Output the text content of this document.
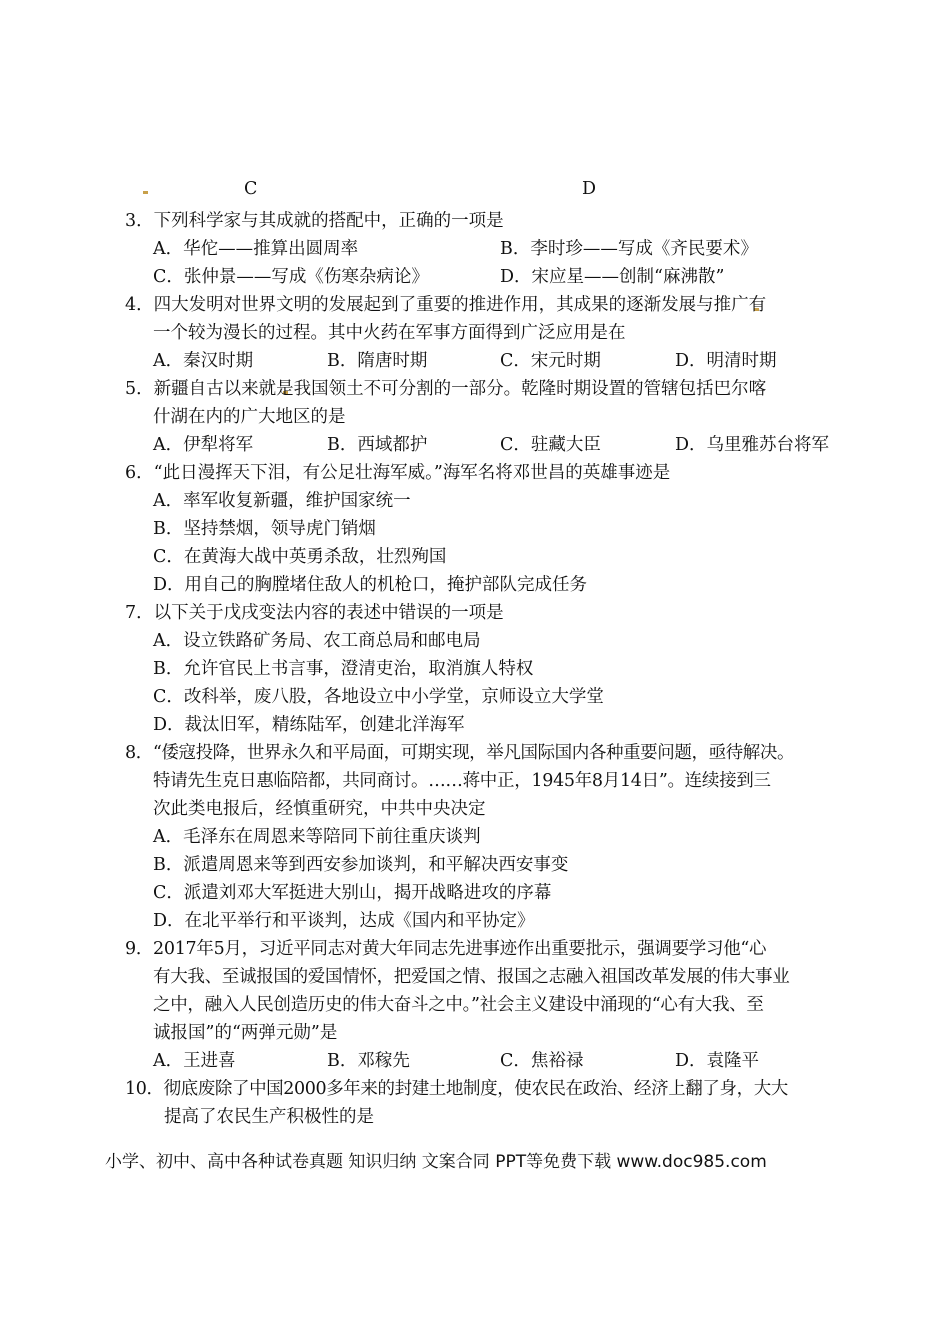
C	D
3．下列科学家与其成就的搭配中，正确的一项是
A．华佗——推算出圆周率	B．李时珍——写成《齐民要术》
C．张仲景——写成《伤寒杂病论》	D．宋应星——创制“麻沸散”
4．四大发明对世界文明的发展起到了重要的推进作用，其成果的逐渐发展与推广有
一个较为漫长的过程。其中火药在军事方面得到广泛应用是在
A．秦汉时期	B．隋唐时期	C．宋元时期	D．明清时期
5．新疆自古以来就是我国领土不可分割的一部分。乾隆时期设置的管辖包括巴尔喀
什湖在内的广大地区的是
A．伊犁将军	B．西域都护	C．驻藏大臣	D．乌里雅苏台将军
6．“此日漫挥天下泪，有公足壮海军威。”海军名将邓世昌的英雄事迹是
A．率军收复新疆，维护国家统一
B．坚持禁烟，领导虎门销烟
C．在黄海大战中英勇杀敌，壮烈殉国
D．用自己的胸膛堵住敌人的机枪口，掩护部队完成任务
7．以下关于戊戌变法内容的表述中错误的一项是
A．设立铁路矿务局、农工商总局和邮电局
B．允许官民上书言事，澄清吏治，取消旗人特权
C．改科举，废八股，各地设立中小学堂，京师设立大学堂
D．裁汰旧军，精练陆军，创建北洋海军
8．“倭寇投降，世界永久和平局面，可期实现，举凡国际国内各种重要问题，亟待解决。
特请先生克日惠临陪都，共同商讨。……蒋中正，1945年8月14日”。连续接到三
次此类电报后，经慎重研究，中共中央决定
A．毛泽东在周恩来等陪同下前往重庆谈判
B．派遣周恩来等到西安参加谈判，和平解决西安事变
C．派遣刘邓大军挺进大别山，揭开战略进攻的序幕
D．在北平举行和平谈判，达成《国内和平协定》
9．2017年5月，习近平同志对黄大年同志先进事迹作出重要批示，强调要学习他“心
有大我、至诚报国的爱国情怀，把爱国之情、报国之志融入祖国改革发展的伟大事业
之中，融入人民创造历史的伟大奋斗之中。”社会主义建设中涌现的“心有大我、至
诚报国”的“两弹元勋”是
A．王进喜	B．邓稼先	C．焦裕禄	D．袁隆平
10．彻底废除了中国2000多年来的封建土地制度，使农民在政治、经济上翻了身，大大
提高了农民生产积极性的是
小学、初中、高中各种试卷真题 知识归纳 文案合同 PPT等免费下载 www.doc985.com
